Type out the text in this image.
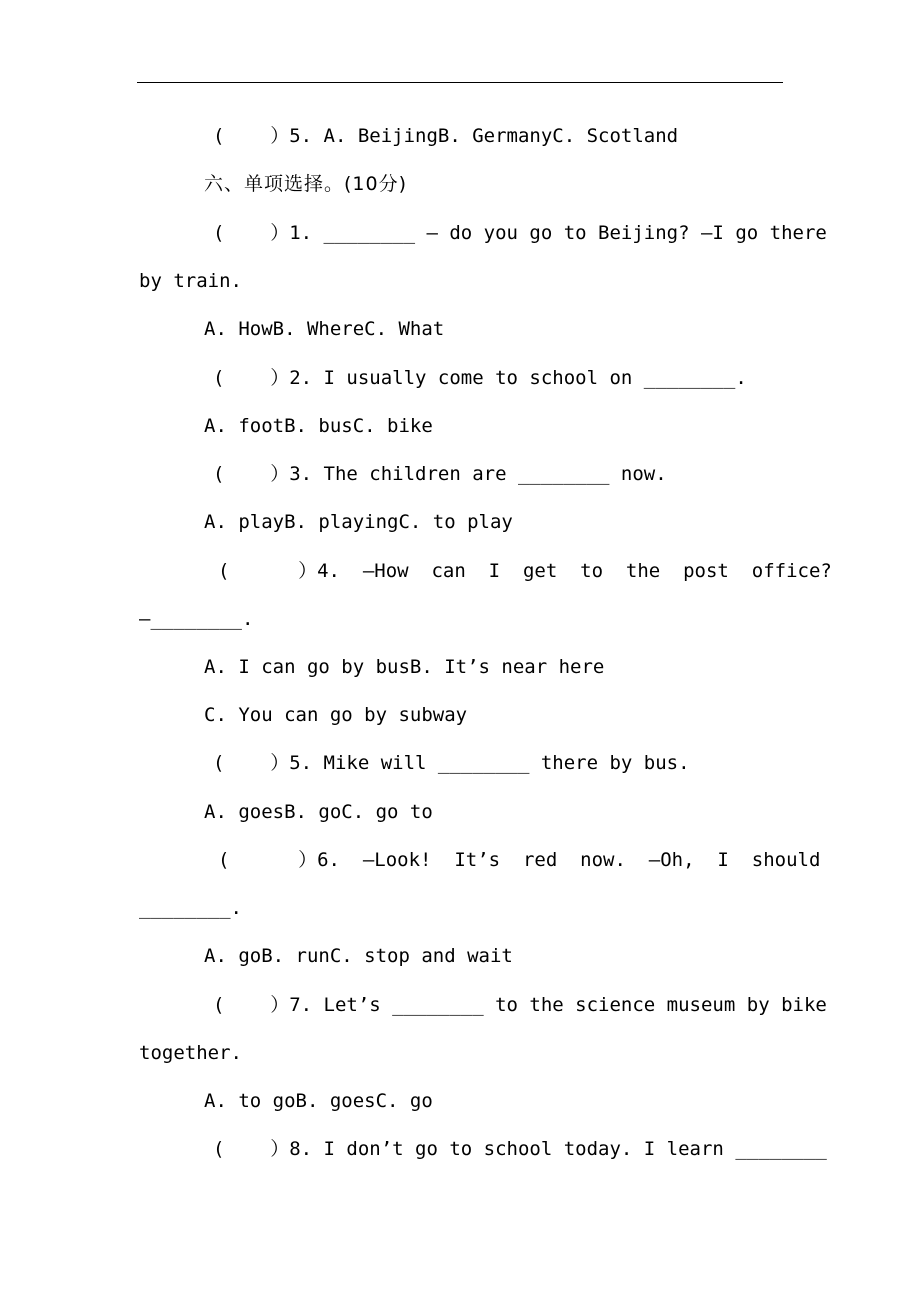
(    ）5. A. BeijingB. GermanyC. Scotland
六、单项选择。(10分)
(    ）1. ________ — do you go to Beijing? —I go there
by train.
A. HowB. WhereC. What
(    ）2. I usually come to school on ________.
A. footB. busC. bike
(    ）3. The children are ________ now.
A. playB. playingC. to play
(      ）4.  —How  can  I  get  to  the  post  office?
—________.
A. I can go by busB. It’s near here
C. You can go by subway
(    ）5. Mike will ________ there by bus.
A. goesB. goC. go to
(      ）6.  —Look!  It’s  red  now.  —Oh,  I  should
________.
A. goB. runC. stop and wait
(    ）7. Let’s ________ to the science museum by bike
together.
A. to goB. goesC. go
(    ）8. I don’t go to school today. I learn ________
